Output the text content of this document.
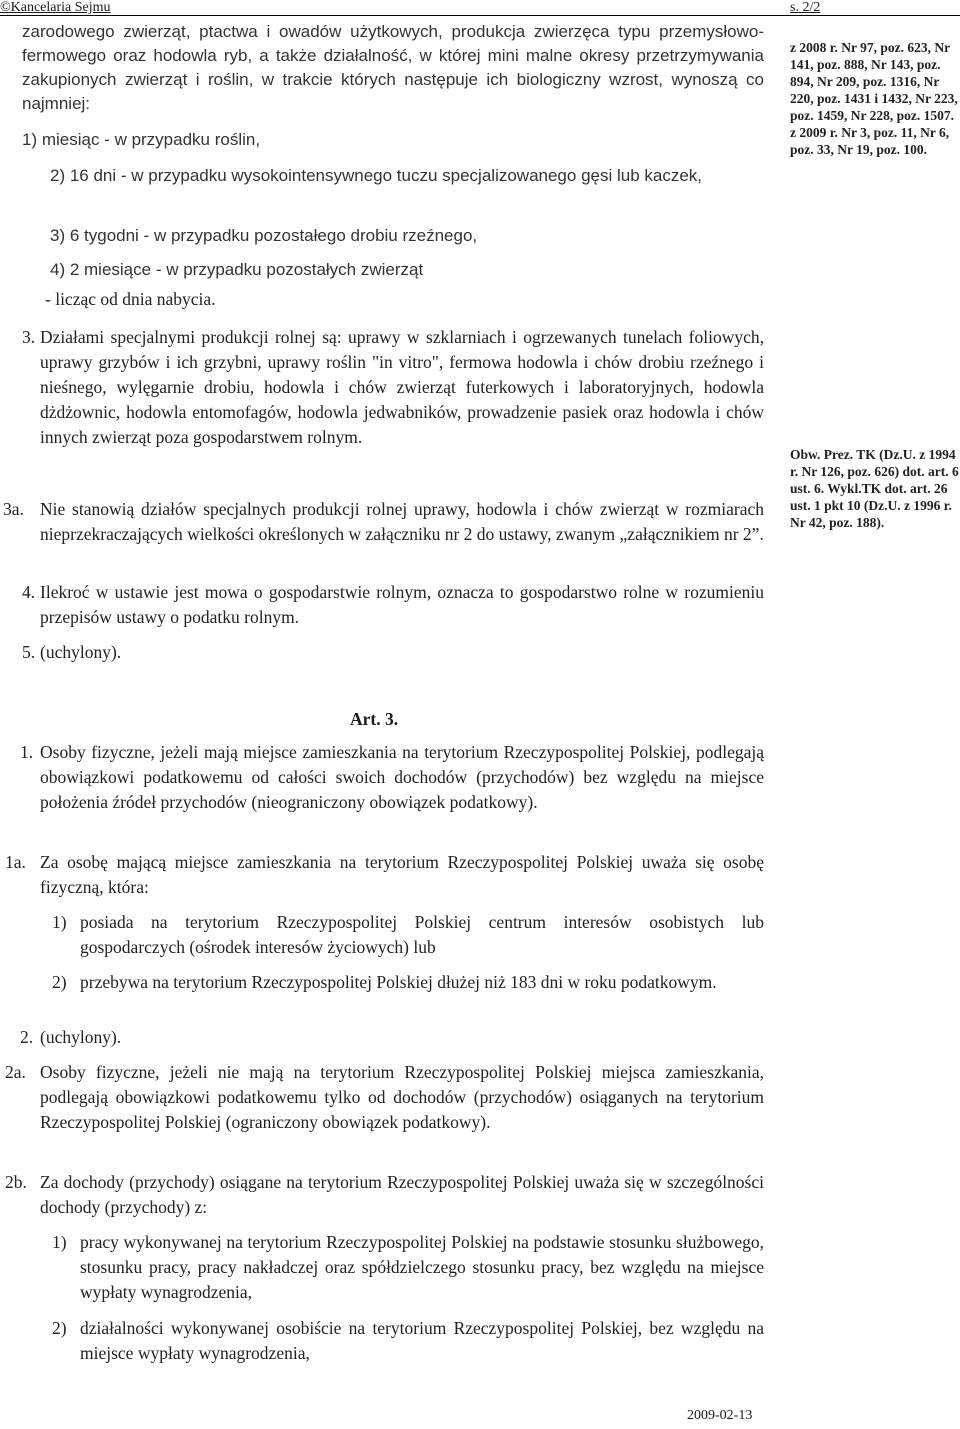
©Kancelaria Sejmu	s. 2/2
zarodowego zwierząt, ptactwa i owadów użytkowych, produkcja zwierzęca typu przemysłowo-fermowego oraz hodowla ryb, a także działalność, w której mini malne okresy przetrzymywania zakupionych zwierząt i roślin, w trakcie których następuje ich biologiczny wzrost, wynoszą co najmniej:
1) miesiąc - w przypadku roślin,
2) 16 dni - w przypadku wysokointensywnego tuczu specjalizowanego gęsi lub kaczek,
3) 6 tygodni - w przypadku pozostałego drobiu rzeźnego,
4) 2 miesiące - w przypadku pozostałych zwierząt
- licząc od dnia nabycia.
3. Działami specjalnymi produkcji rolnej są: uprawy w szklarniach i ogrzewanych tunelach foliowych, uprawy grzybów i ich grzybni, uprawy roślin "in vitro", fermowa hodowla i chów drobiu rzeźnego i nieśnego, wylęgarnie drobiu, hodowla i chów zwierząt futerkowych i laboratoryjnych, hodowla dżdżownic, hodowla entomofagów, hodowla jedwabników, prowadzenie pasiek oraz hodowla i chów innych zwierząt poza gospodarstwem rolnym.
3a. Nie stanowią działów specjalnych produkcji rolnej uprawy, hodowla i chów zwierząt w rozmiarach nieprzekraczających wielkości określonych w załączniku nr 2 do ustawy, zwanym „załącznikiem nr 2”.
4. Ilekroć w ustawie jest mowa o gospodarstwie rolnym, oznacza to gospodarstwo rolne w rozumieniu przepisów ustawy o podatku rolnym.
5. (uchylony).
z 2008 r. Nr 97, poz. 623, Nr 141, poz. 888, Nr 143, poz. 894, Nr 209, poz. 1316, Nr 220, poz. 1431 i 1432, Nr 223, poz. 1459, Nr 228, poz. 1507. z 2009 r. Nr 3, poz. 11, Nr 6, poz. 33, Nr 19, poz. 100.
Obw. Prez. TK (Dz.U. z 1994 r. Nr 126, poz. 626) dot. art. 6 ust. 6. Wykl.TK dot. art. 26 ust. 1 pkt 10 (Dz.U. z 1996 r. Nr 42, poz. 188).
Art. 3.
1. Osoby fizyczne, jeżeli mają miejsce zamieszkania na terytorium Rzeczypospolitej Polskiej, podlegają obowiązkowi podatkowemu od całości swoich dochodów (przychodów) bez względu na miejsce położenia źródeł przychodów (nieograniczony obowiązek podatkowy).
1a. Za osobę mającą miejsce zamieszkania na terytorium Rzeczypospolitej Polskiej uważa się osobę fizyczną, która:
1) posiada na terytorium Rzeczypospolitej Polskiej centrum interesów osobistych lub gospodarczych (ośrodek interesów życiowych) lub
2) przebywa na terytorium Rzeczypospolitej Polskiej dłużej niż 183 dni w roku podatkowym.
2. (uchylony).
2a. Osoby fizyczne, jeżeli nie mają na terytorium Rzeczypospolitej Polskiej miejsca zamieszkania, podlegają obowiązkowi podatkowemu tylko od dochodów (przychodów) osiąganych na terytorium Rzeczypospolitej Polskiej (ograniczony obowiązek podatkowy).
2b. Za dochody (przychody) osiągane na terytorium Rzeczypospolitej Polskiej uważa się w szczególności dochody (przychody) z:
1) pracy wykonywanej na terytorium Rzeczypospolitej Polskiej na podstawie stosunku służbowego, stosunku pracy, pracy nakładczej oraz spółdzielczego stosunku pracy, bez względu na miejsce wypłaty wynagrodzenia,
2) działalności wykonywanej osobiście na terytorium Rzeczypospolitej Polskiej, bez względu na miejsce wypłaty wynagrodzenia,
2009-02-13
